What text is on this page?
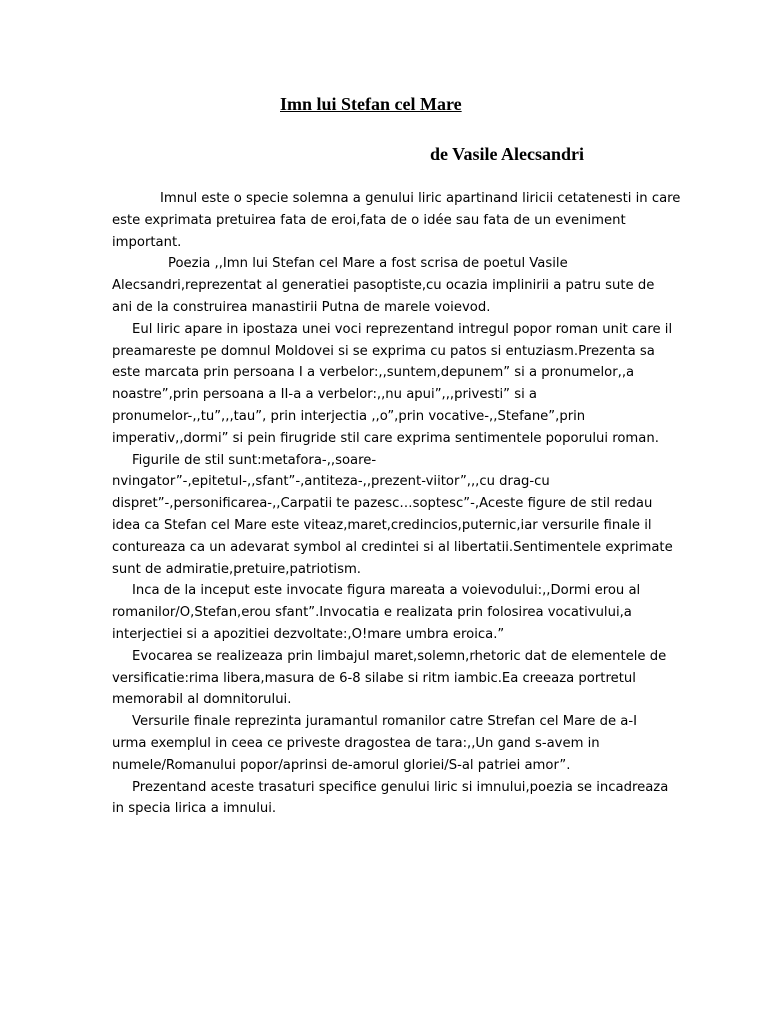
Imn lui Stefan cel Mare
de Vasile Alecsandri
Imnul este o specie solemna a genului liric apartinand liricii cetatenesti in care
este exprimata pretuirea fata de eroi,fata de o idée sau fata de un eveniment
important.
Poezia ,,Imn lui Stefan cel Mare a fost scrisa de poetul Vasile
Alecsandri,reprezentat al generatiei pasoptiste,cu ocazia implinirii a patru sute de
ani de la construirea manastirii Putna de marele voievod.
Eul liric apare in ipostaza unei voci reprezentand intregul popor roman unit care il
preamareste pe domnul Moldovei si se exprima cu patos si entuziasm.Prezenta sa
este marcata prin persoana I a verbelor:,,suntem,depunem” si a pronumelor,,a
noastre”,prin persoana a II-a a verbelor:,,nu apui”,,,privesti” si a
pronumelor-,,tu”,,,tau”, prin interjectia ,,o”,prin vocative-,,Stefane”,prin
imperativ,,dormi” si pein firugride stil care exprima sentimentele poporului roman.
Figurile de stil sunt:metafora-,,soare-
nvingator”-,epitetul-,,sfant”-,antiteza-,,prezent-viitor”,,,cu drag-cu
dispret”-,personificarea-,,Carpatii te pazesc…soptesc”-,Aceste figure de stil redau
idea ca Stefan cel Mare este viteaz,maret,credincios,puternic,iar versurile finale il
contureaza ca un adevarat symbol al credintei si al libertatii.Sentimentele exprimate
sunt de admiratie,pretuire,patriotism.
Inca de la inceput este invocate figura mareata a voievodului:,,Dormi erou al
romanilor/O,Stefan,erou sfant”.Invocatia e realizata prin folosirea vocativului,a
interjectiei si a apozitiei dezvoltate:,O!mare umbra eroica.”
Evocarea se realizeaza prin limbajul maret,solemn,rhetoric dat de elementele de
versificatie:rima libera,masura de 6-8 silabe si ritm iambic.Ea creeaza portretul
memorabil al domnitorului.
Versurile finale reprezinta juramantul romanilor catre Strefan cel Mare de a-I
urma exemplul in ceea ce priveste dragostea de tara:,,Un gand s-avem in
numele/Romanului popor/aprinsi de-amorul gloriei/S-al patriei amor”.
Prezentand aceste trasaturi specifice genului liric si imnului,poezia se incadreaza
in specia lirica a imnului.
